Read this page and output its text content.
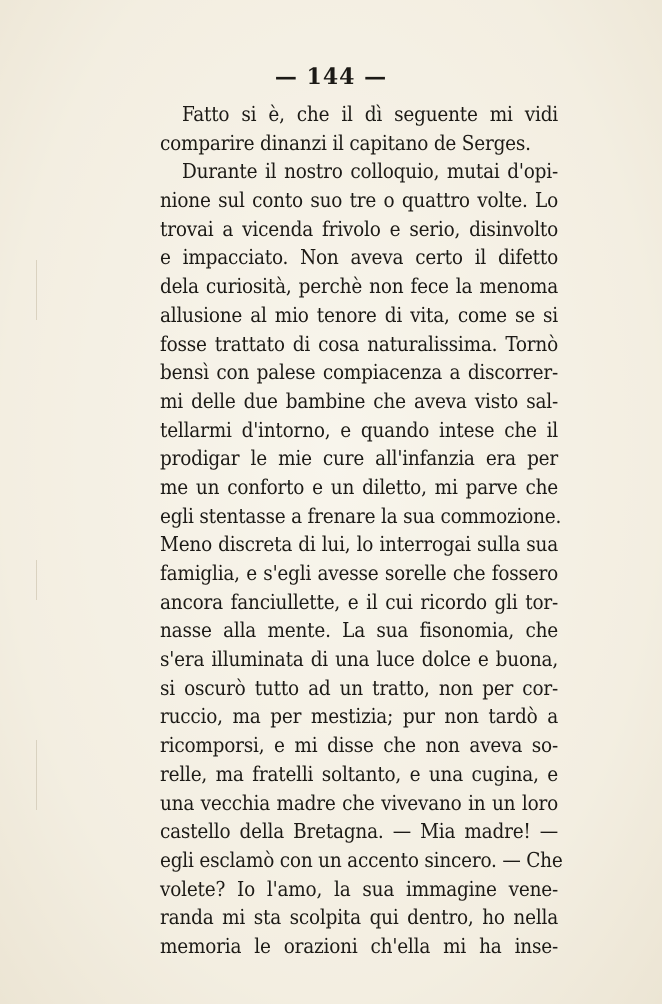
— 144 —
Fatto si è, che il dì seguente mi vidi
comparire dinanzi il capitano de Serges.
Durante il nostro colloquio, mutai d'opi-
nione sul conto suo tre o quattro volte. Lo
trovai a vicenda frivolo e serio, disinvolto
e impacciato. Non aveva certo il difetto
dela curiosità, perchè non fece la menoma
allusione al mio tenore di vita, come se si
fosse trattato di cosa naturalissima. Tornò
bensì con palese compiacenza a discorrer-
mi delle due bambine che aveva visto sal-
tellarmi d'intorno, e quando intese che il
prodigar le mie cure all'infanzia era per
me un conforto e un diletto, mi parve che
egli stentasse a frenare la sua commozione.
Meno discreta di lui, lo interrogai sulla sua
famiglia, e s'egli avesse sorelle che fossero
ancora fanciullette, e il cui ricordo gli tor-
nasse alla mente. La sua fisonomia, che
s'era illuminata di una luce dolce e buona,
si oscurò tutto ad un tratto, non per cor-
ruccio, ma per mestizia; pur non tardò a
ricomporsi, e mi disse che non aveva so-
relle, ma fratelli soltanto, e una cugina, e
una vecchia madre che vivevano in un loro
castello della Bretagna. — Mia madre! —
egli esclamò con un accento sincero. — Che
volete? Io l'amo, la sua immagine vene-
randa mi sta scolpita qui dentro, ho nella
memoria le orazioni ch'ella mi ha inse-
